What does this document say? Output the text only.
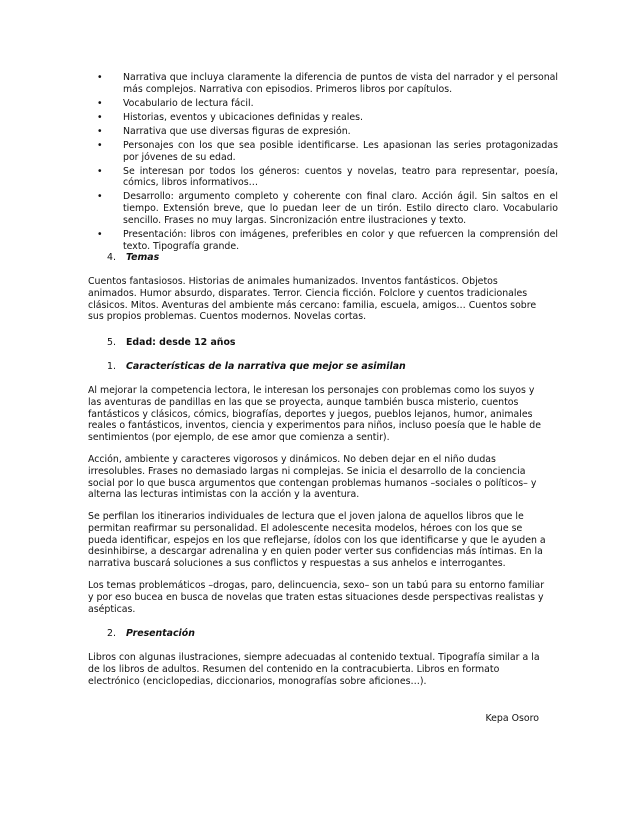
• Narrativa que incluya claramente la diferencia de puntos de vista del narrador y el personal más complejos. Narrativa con episodios. Primeros libros por capítulos.
• Vocabulario de lectura fácil.
• Historias, eventos y ubicaciones definidas y reales.
• Narrativa que use diversas figuras de expresión.
• Personajes con los que sea posible identificarse. Les apasionan las series protagonizadas por jóvenes de su edad.
• Se interesan por todos los géneros: cuentos y novelas, teatro para representar, poesía, cómics, libros informativos…
• Desarrollo: argumento completo y coherente con final claro. Acción ágil. Sin saltos en el tiempo. Extensión breve, que lo puedan leer de un tirón. Estilo directo claro. Vocabulario sencillo. Frases no muy largas. Sincronización entre ilustraciones y texto.
• Presentación: libros con imágenes, preferibles en color y que refuercen la comprensión del texto. Tipografía grande.
4. Temas

Cuentos fantasiosos. Historias de animales humanizados. Inventos fantásticos. Objetos animados. Humor absurdo, disparates. Terror. Ciencia ficción. Folclore y cuentos tradicionales clásicos. Mitos. Aventuras del ambiente más cercano: familia, escuela, amigos… Cuentos sobre sus propios problemas. Cuentos modernos. Novelas cortas.

5. Edad: desde 12 años
1. Características de la narrativa que mejor se asimilan

Al mejorar la competencia lectora, le interesan los personajes con problemas como los suyos y las aventuras de pandillas en las que se proyecta, aunque también busca misterio, cuentos fantásticos y clásicos, cómics, biografías, deportes y juegos, pueblos lejanos, humor, animales reales o fantásticos, inventos, ciencia y experimentos para niños, incluso poesía que le hable de sentimientos (por ejemplo, de ese amor que comienza a sentir).

Acción, ambiente y caracteres vigorosos y dinámicos. No deben dejar en el niño dudas irresolubles. Frases no demasiado largas ni complejas. Se inicia el desarrollo de la conciencia social por lo que busca argumentos que contengan problemas humanos –sociales o políticos– y alterna las lecturas intimistas con la acción y la aventura.

Se perfilan los itinerarios individuales de lectura que el joven jalona de aquellos libros que le permitan reafirmar su personalidad. El adolescente necesita modelos, héroes con los que se pueda identificar, espejos en los que reflejarse, ídolos con los que identificarse y que le ayuden a desinhibirse, a descargar adrenalina y en quien poder verter sus confidencias más íntimas. En la narrativa buscará soluciones a sus conflictos y respuestas a sus anhelos e interrogantes.

Los temas problemáticos –drogas, paro, delincuencia, sexo– son un tabú para su entorno familiar y por eso bucea en busca de novelas que traten estas situaciones desde perspectivas realistas y asépticas.

2. Presentación

Libros con algunas ilustraciones, siempre adecuadas al contenido textual. Tipografía similar a la de los libros de adultos. Resumen del contenido en la contracubierta. Libros en formato electrónico (enciclopedias, diccionarios, monografías sobre aficiones…).

Kepa Osoro
